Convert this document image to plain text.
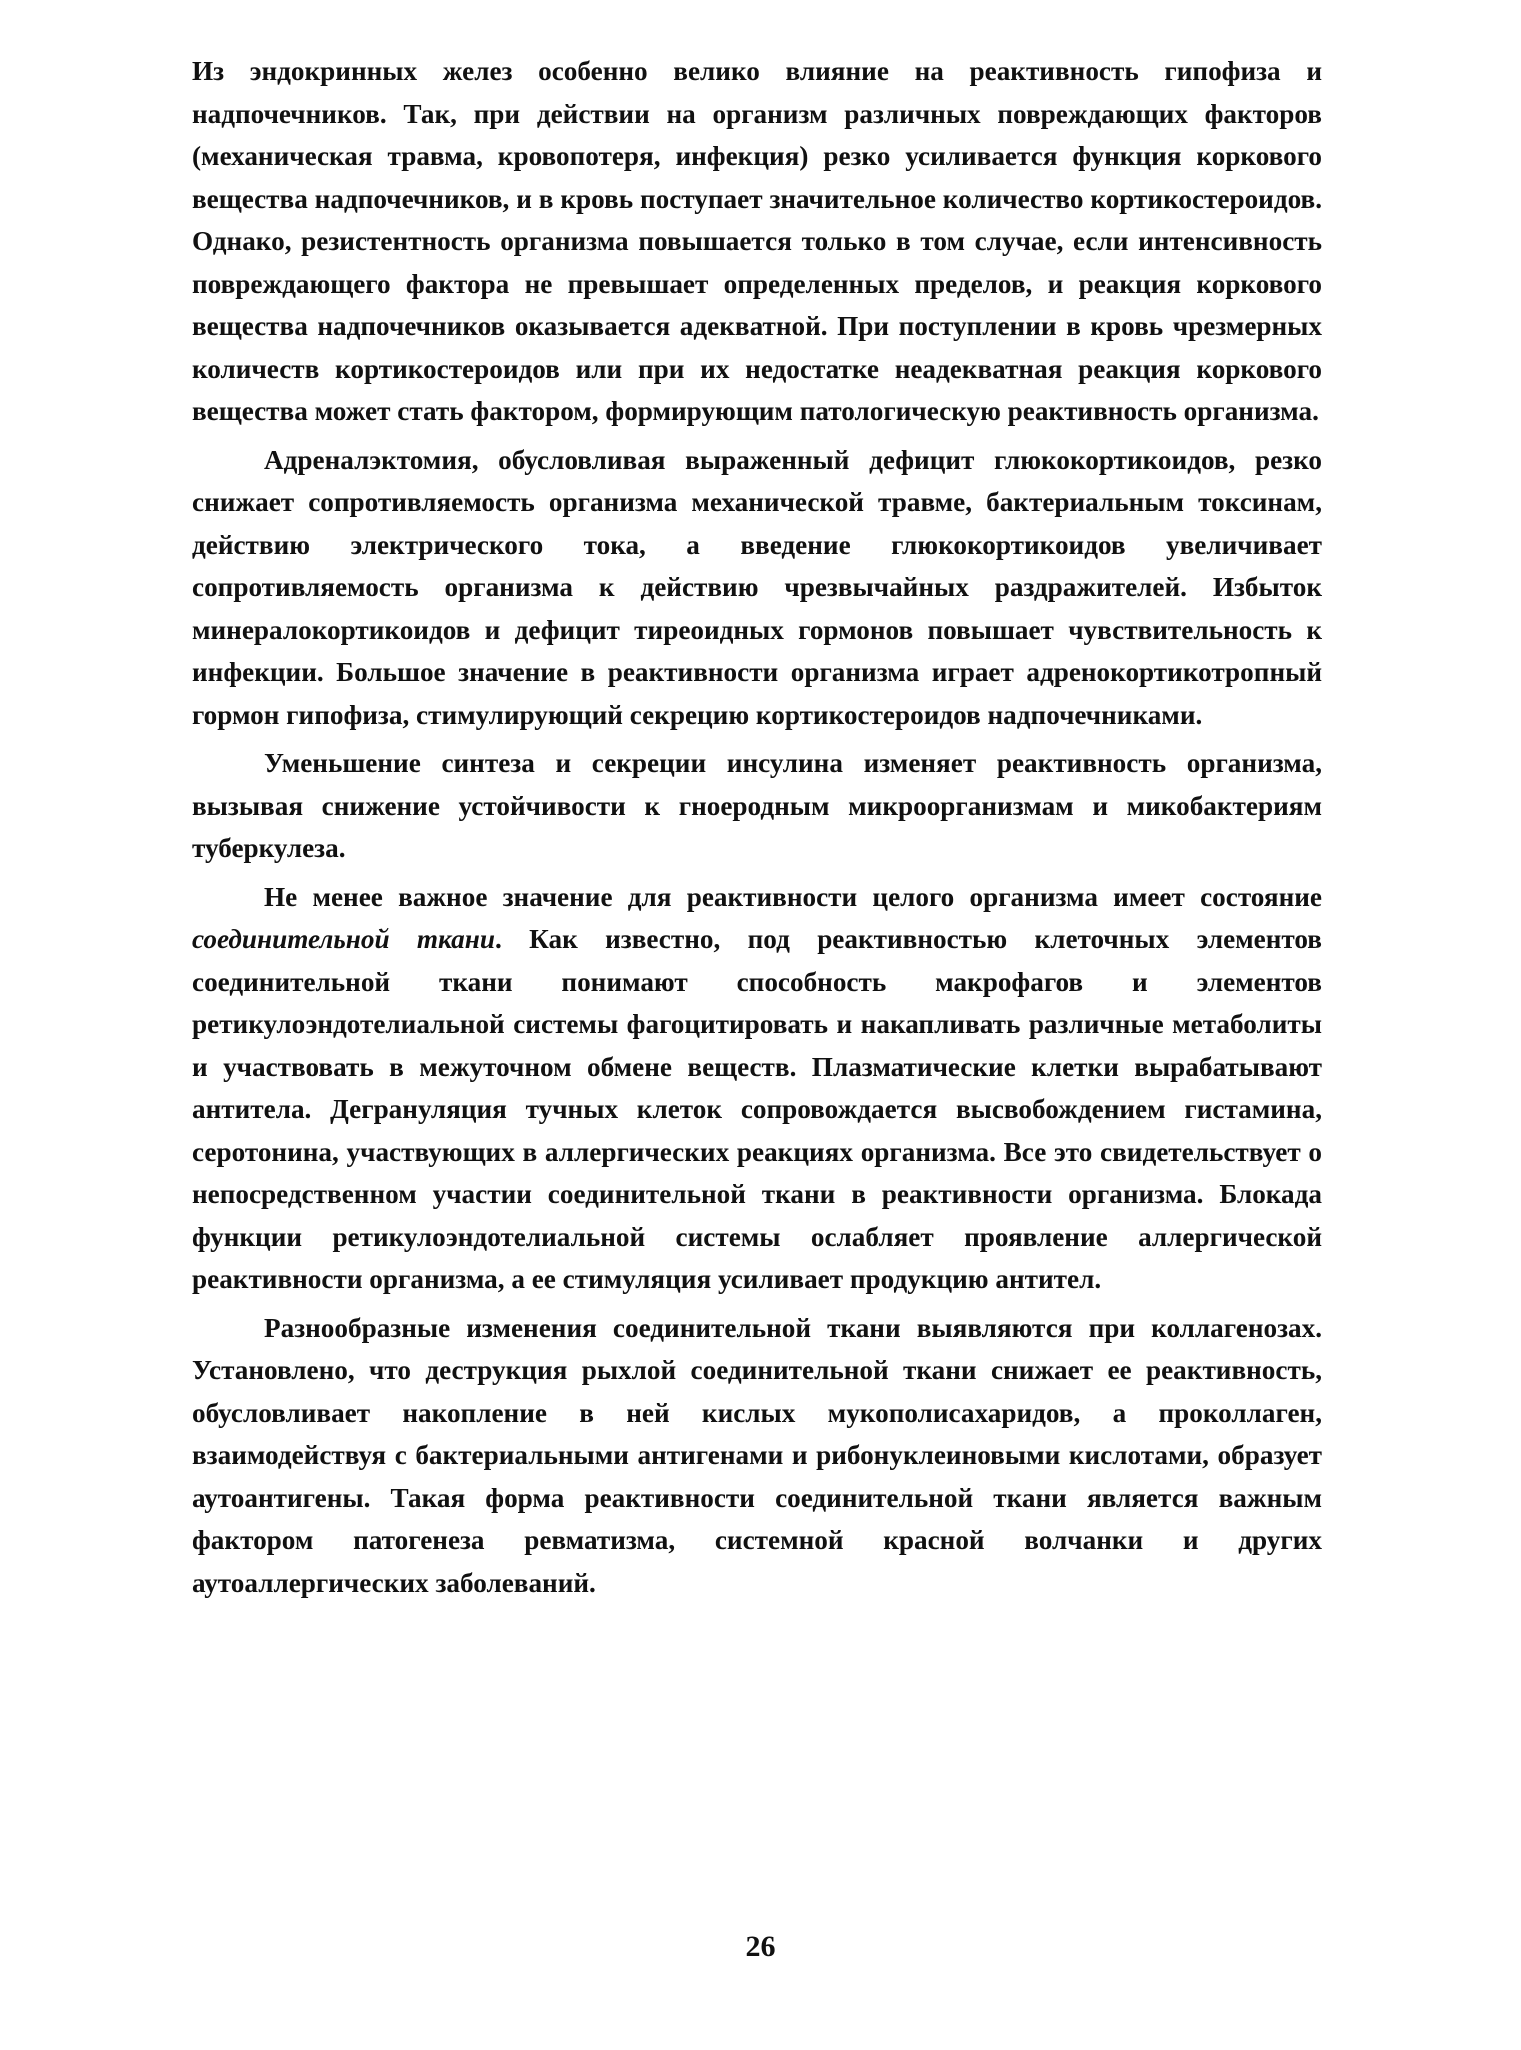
Из эндокринных желез особенно велико влияние на реактивность гипофиза и надпочечников. Так, при действии на организм различных повреждающих факторов (механическая травма, кровопотеря, инфекция) резко усиливается функция коркового вещества надпочечников, и в кровь поступает значительное количество кортикостероидов. Однако, резистентность организма повышается только в том случае, если интенсивность повреждающего фактора не превышает определенных пределов, и реакция коркового вещества надпочечников оказывается адекватной. При поступлении в кровь чрезмерных количеств кортикостероидов или при их недостатке неадекватная реакция коркового вещества может стать фактором, формирующим патологическую реактивность организма.

Адреналэктомия, обусловливая выраженный дефицит глюкокортикоидов, резко снижает сопротивляемость организма механической травме, бактериальным токсинам, действию электрического тока, а введение глюкокортикоидов увеличивает сопротивляемость организма к действию чрезвычайных раздражителей. Избыток минералокортикоидов и дефицит тиреоидных гормонов повышает чувствительность к инфекции. Большое значение в реактивности организма играет адренокортикотропный гормон гипофиза, стимулирующий секрецию кортикостероидов надпочечниками.

Уменьшение синтеза и секреции инсулина изменяет реактивность организма, вызывая снижение устойчивости к гноеродным микроорганизмам и микобактериям туберкулеза.

Не менее важное значение для реактивности целого организма имеет состояние соединительной ткани. Как известно, под реактивностью клеточных элементов соединительной ткани понимают способность макрофагов и элементов ретикулоэндотелиальной системы фагоцитировать и накапливать различные метаболиты и участвовать в межуточном обмене веществ. Плазматические клетки вырабатывают антитела. Дегрануляция тучных клеток сопровождается высвобождением гистамина, серотонина, участвующих в аллергических реакциях организма. Все это свидетельствует о непосредственном участии соединительной ткани в реактивности организма. Блокада функции ретикулоэндотелиальной системы ослабляет проявление аллергической реактивности организма, а ее стимуляция усиливает продукцию антител.

Разнообразные изменения соединительной ткани выявляются при коллагенозах. Установлено, что деструкция рыхлой соединительной ткани снижает ее реактивность, обусловливает накопление в ней кислых мукополисахаридов, а проколлаген, взаимодействуя с бактериальными антигенами и рибонуклеиновыми кислотами, образует аутоантигены. Такая форма реактивности соединительной ткани является важным фактором патогенеза ревматизма, системной красной волчанки и других аутоаллергических заболеваний.

26
